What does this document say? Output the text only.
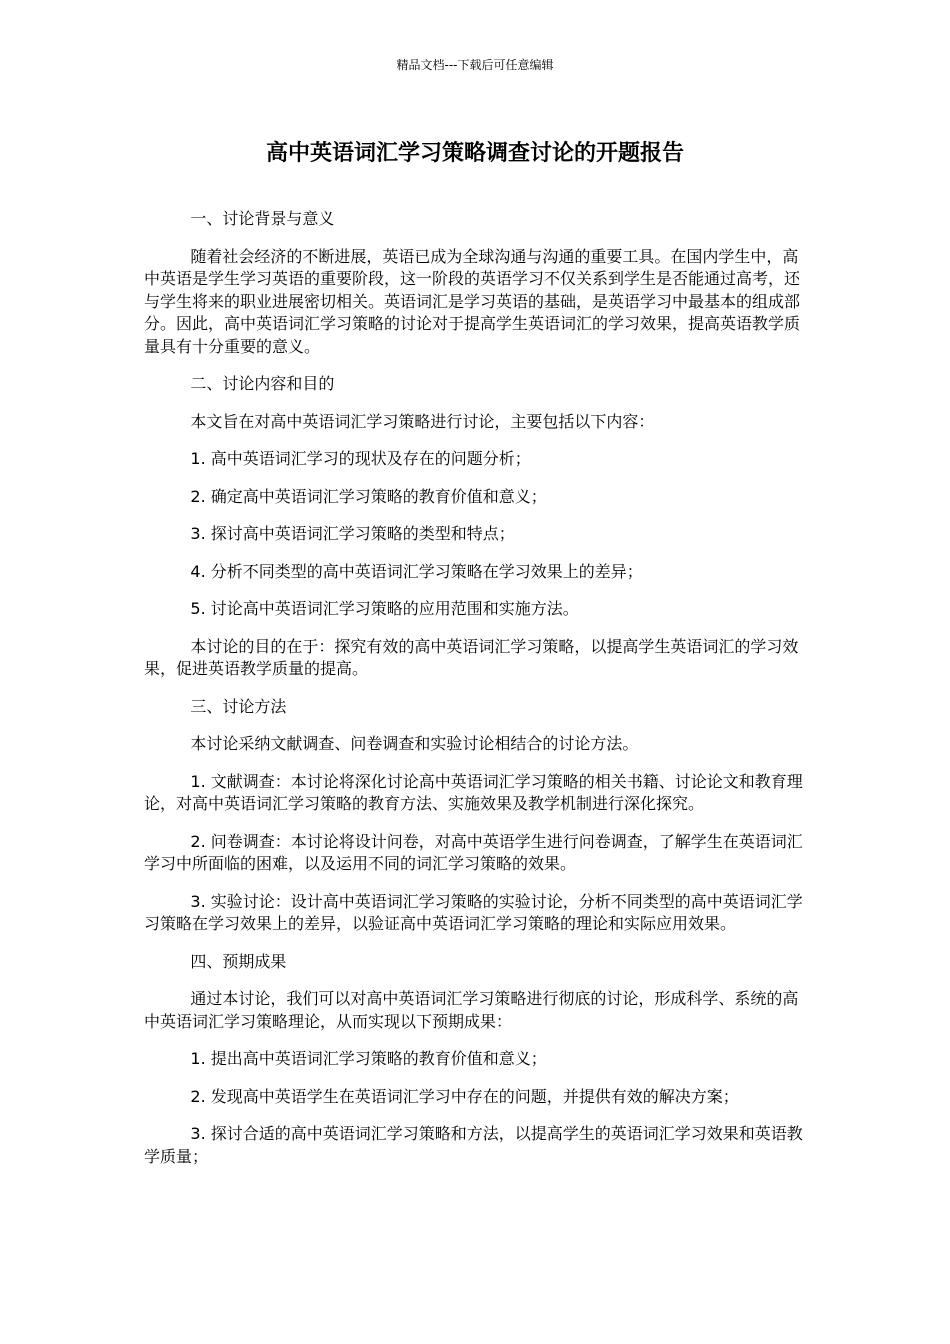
精品文档---下载后可任意编辑
高中英语词汇学习策略调查讨论的开题报告

一、讨论背景与意义

随着社会经济的不断进展，英语已成为全球沟通与沟通的重要工具。在国内学生中，高中英语是学生学习英语的重要阶段，这一阶段的英语学习不仅关系到学生是否能通过高考，还与学生将来的职业进展密切相关。英语词汇是学习英语的基础，是英语学习中最基本的组成部分。因此，高中英语词汇学习策略的讨论对于提高学生英语词汇的学习效果，提高英语教学质量具有十分重要的意义。

二、讨论内容和目的

本文旨在对高中英语词汇学习策略进行讨论，主要包括以下内容：

1. 高中英语词汇学习的现状及存在的问题分析；

2. 确定高中英语词汇学习策略的教育价值和意义；

3. 探讨高中英语词汇学习策略的类型和特点；

4. 分析不同类型的高中英语词汇学习策略在学习效果上的差异；

5. 讨论高中英语词汇学习策略的应用范围和实施方法。

本讨论的目的在于：探究有效的高中英语词汇学习策略，以提高学生英语词汇的学习效果，促进英语教学质量的提高。

三、讨论方法

本讨论采纳文献调查、问卷调查和实验讨论相结合的讨论方法。

1. 文献调查：本讨论将深化讨论高中英语词汇学习策略的相关书籍、讨论论文和教育理论，对高中英语词汇学习策略的教育方法、实施效果及教学机制进行深化探究。

2. 问卷调查：本讨论将设计问卷，对高中英语学生进行问卷调查，了解学生在英语词汇学习中所面临的困难，以及运用不同的词汇学习策略的效果。

3. 实验讨论：设计高中英语词汇学习策略的实验讨论，分析不同类型的高中英语词汇学习策略在学习效果上的差异，以验证高中英语词汇学习策略的理论和实际应用效果。

四、预期成果

通过本讨论，我们可以对高中英语词汇学习策略进行彻底的讨论，形成科学、系统的高中英语词汇学习策略理论，从而实现以下预期成果：

1. 提出高中英语词汇学习策略的教育价值和意义；

2. 发现高中英语学生在英语词汇学习中存在的问题，并提供有效的解决方案；

3. 探讨合适的高中英语词汇学习策略和方法，以提高学生的英语词汇学习效果和英语教学质量；
